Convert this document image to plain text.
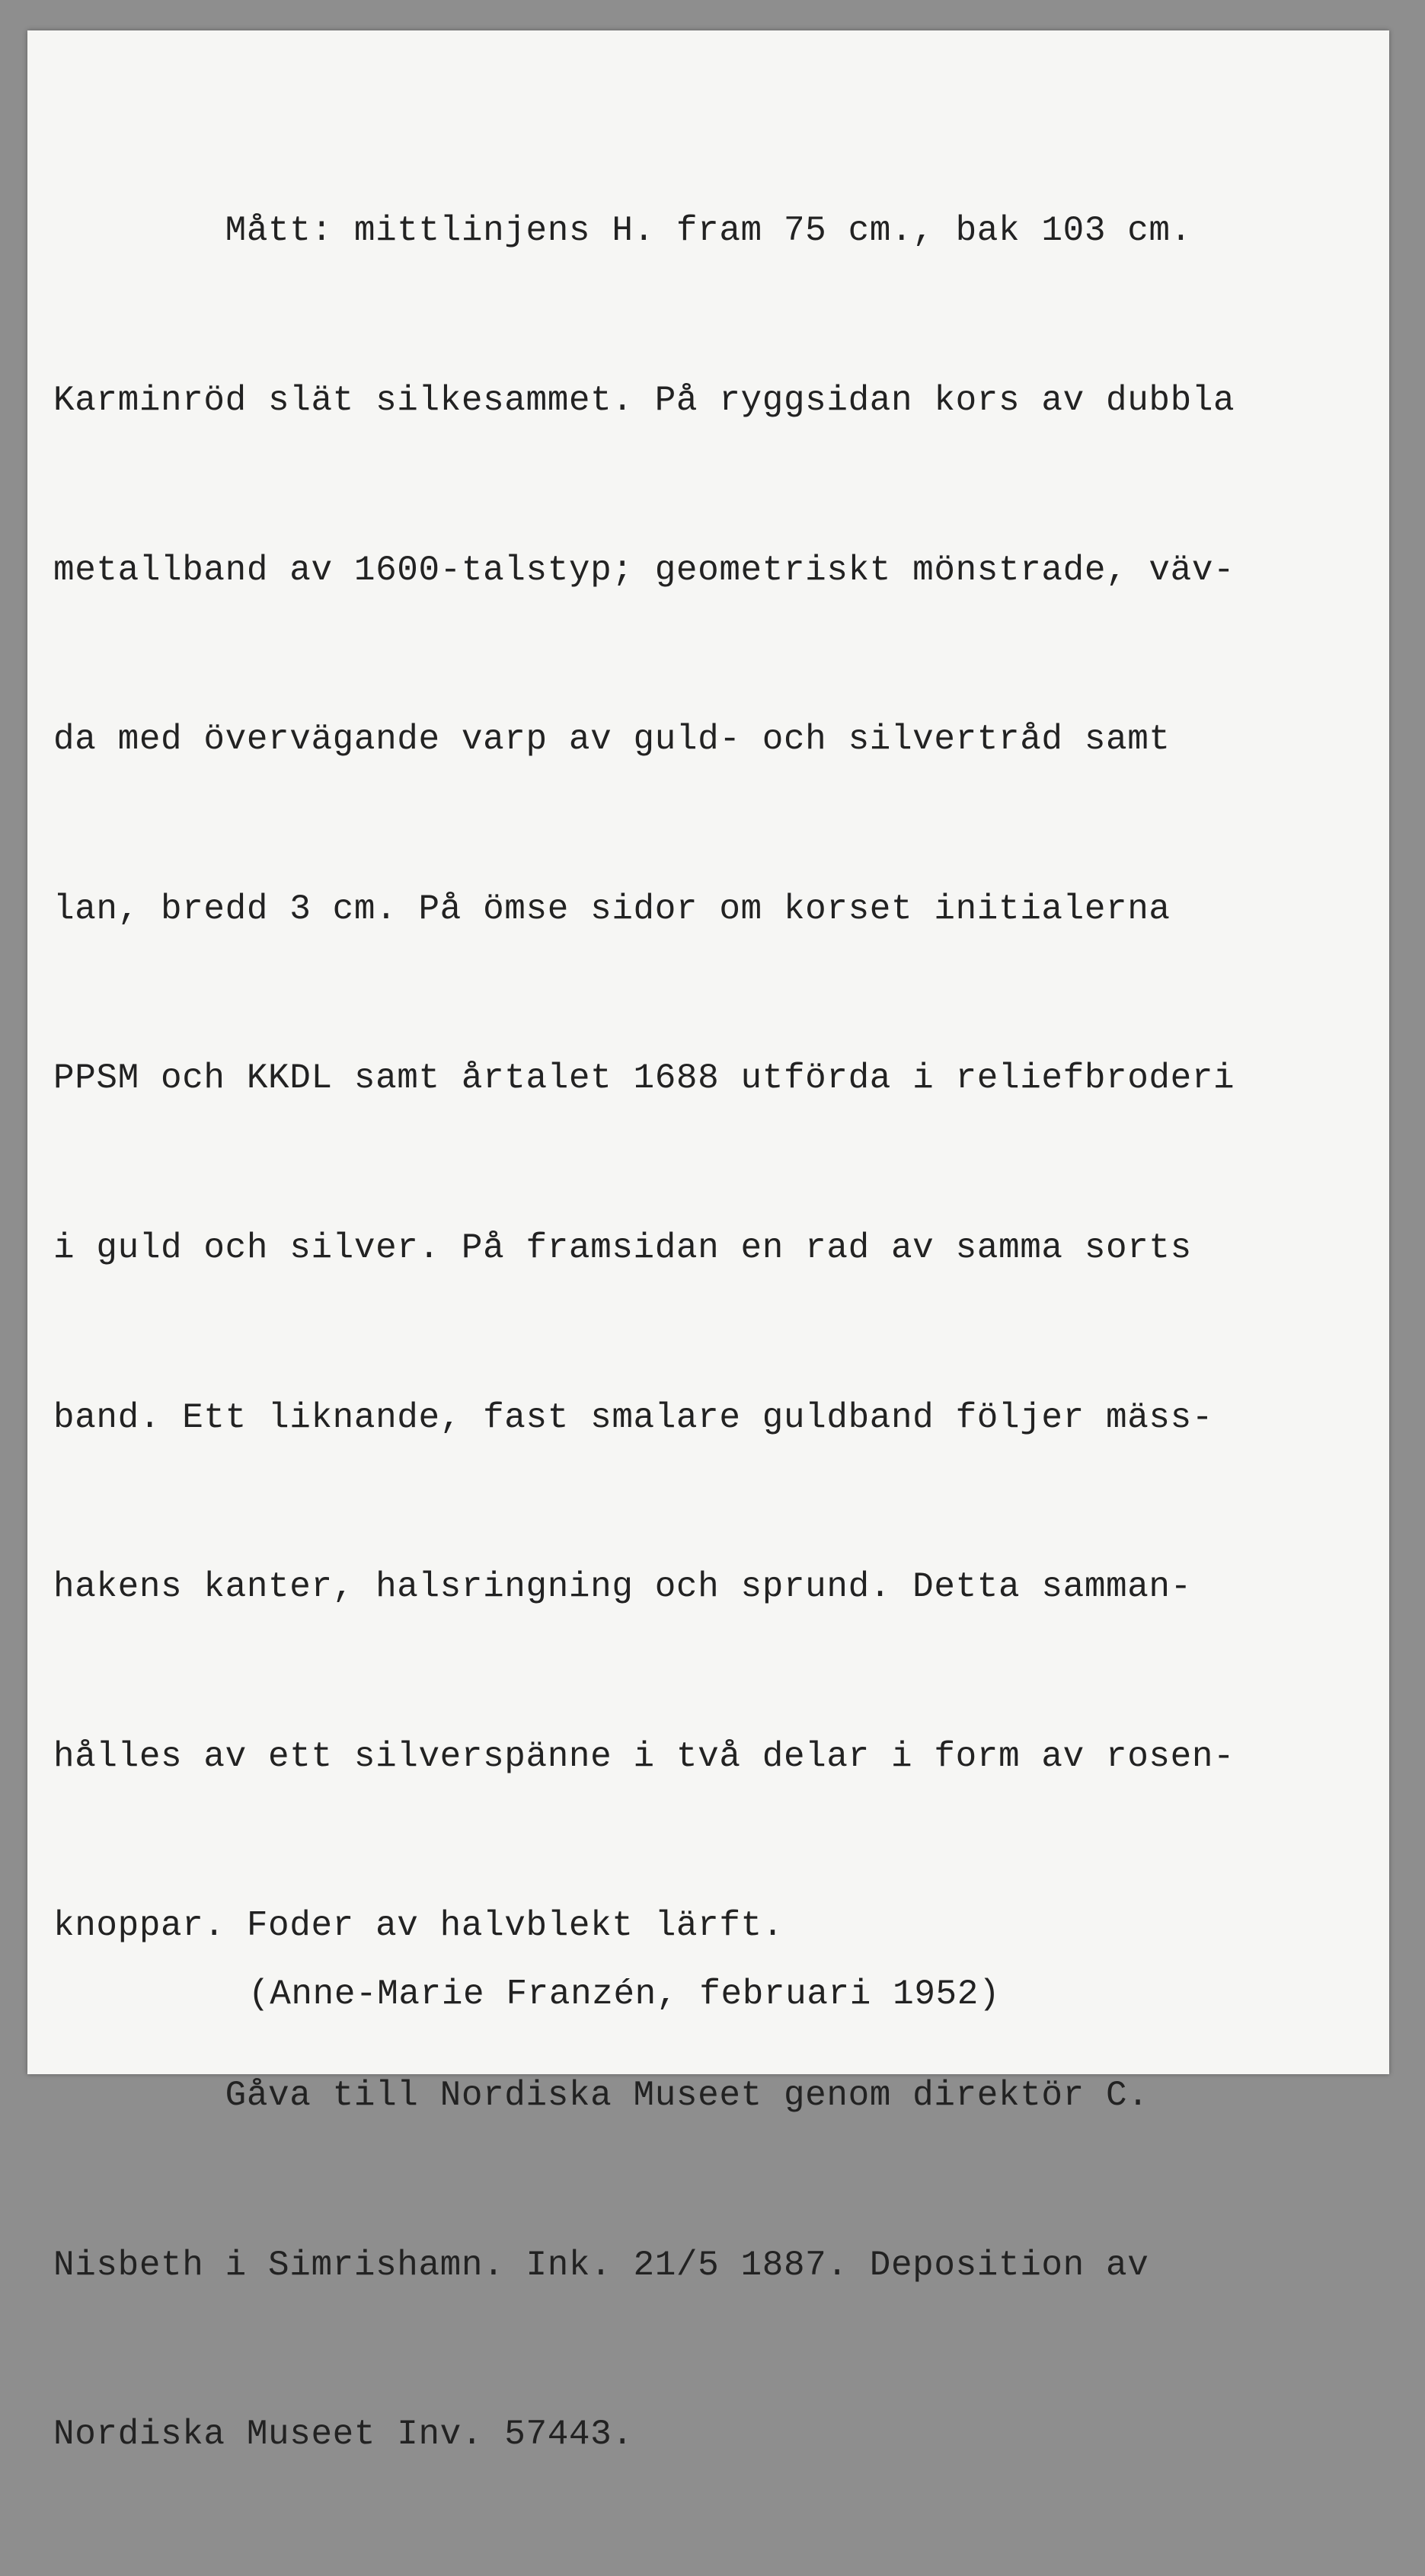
Mått: mittlinjens H. fram 75 cm., bak 103 cm.

Karminröd slät silkesammet. På ryggsidan kors av dubbla

metallband av 1600-talstyp; geometriskt mönstrade, väv-

da med övervägande varp av guld- och silvertråd samt

lan, bredd 3 cm. På ömse sidor om korset initialerna

PPSM och KKDL samt årtalet 1688 utförda i reliefbroderi

i guld och silver. På framsidan en rad av samma sorts

band. Ett liknande, fast smalare guldband följer mäss-

hakens kanter, halsringning och sprund. Detta samman-

hålles av ett silverspänne i två delar i form av rosen-

knoppar. Foder av halvblekt lärft.

Gåva till Nordiska Museet genom direktör C.

Nisbeth i Simrishamn. Ink. 21/5 1887. Deposition av

Nordiska Museet Inv. 57443.

(Anne-Marie Franzén, februari 1952)
